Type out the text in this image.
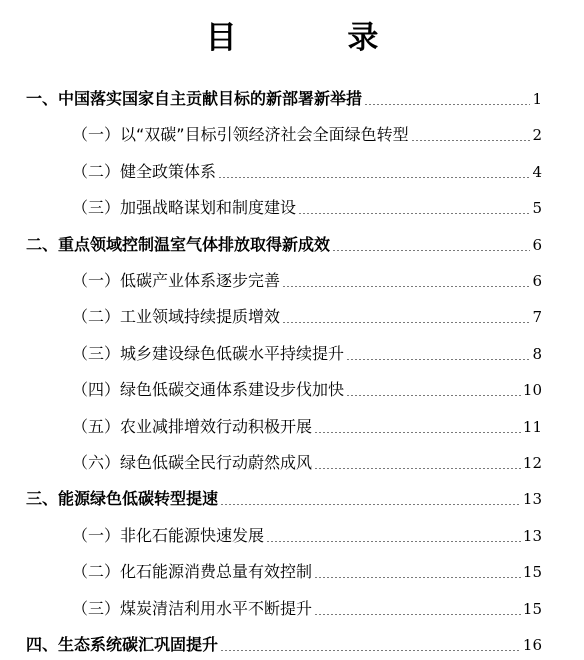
目 录
一、中国落实国家自主贡献目标的新部署新举措	1
（一）以“双碳”目标引领经济社会全面绿色转型	2
（二）健全政策体系	4
（三）加强战略谋划和制度建设	5
二、重点领域控制温室气体排放取得新成效	6
（一）低碳产业体系逐步完善	6
（二）工业领域持续提质增效	7
（三）城乡建设绿色低碳水平持续提升	8
（四）绿色低碳交通体系建设步伐加快	10
（五）农业减排增效行动积极开展	11
（六）绿色低碳全民行动蔚然成风	12
三、能源绿色低碳转型提速	13
（一）非化石能源快速发展	13
（二）化石能源消费总量有效控制	15
（三）煤炭清洁利用水平不断提升	15
四、生态系统碳汇巩固提升	16
